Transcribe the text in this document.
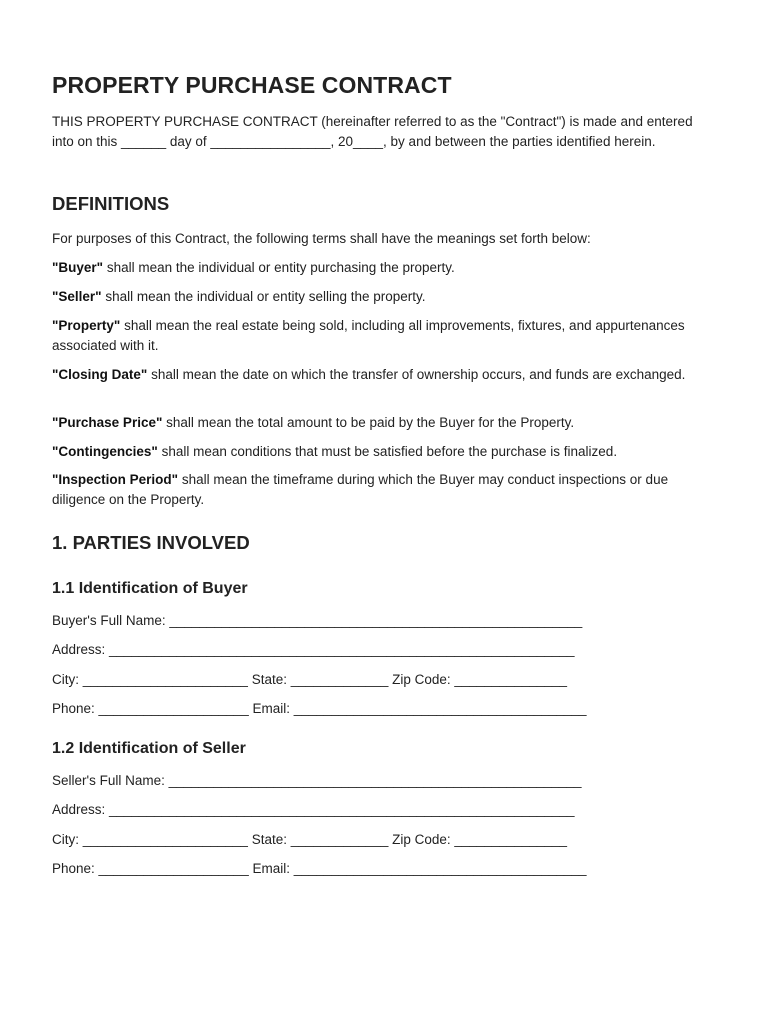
PROPERTY PURCHASE CONTRACT

THIS PROPERTY PURCHASE CONTRACT (hereinafter referred to as the "Contract") is made and entered into on this ______ day of ________________, 20____, by and between the parties identified herein.

DEFINITIONS

For purposes of this Contract, the following terms shall have the meanings set forth below:

"Buyer" shall mean the individual or entity purchasing the property.

"Seller" shall mean the individual or entity selling the property.

"Property" shall mean the real estate being sold, including all improvements, fixtures, and appurtenances associated with it.

"Closing Date" shall mean the date on which the transfer of ownership occurs, and funds are exchanged.

"Purchase Price" shall mean the total amount to be paid by the Buyer for the Property.

"Contingencies" shall mean conditions that must be satisfied before the purchase is finalized.

"Inspection Period" shall mean the timeframe during which the Buyer may conduct inspections or due diligence on the Property.

1. PARTIES INVOLVED
1.1 Identification of Buyer

Buyer's Full Name: _______________________________________________________

Address: ______________________________________________________________

City: ______________________ State: _____________ Zip Code: _______________

Phone: ____________________ Email: _______________________________________

1.2 Identification of Seller

Seller's Full Name: _______________________________________________________

Address: ______________________________________________________________

City: ______________________ State: _____________ Zip Code: _______________

Phone: ____________________ Email: _______________________________________
